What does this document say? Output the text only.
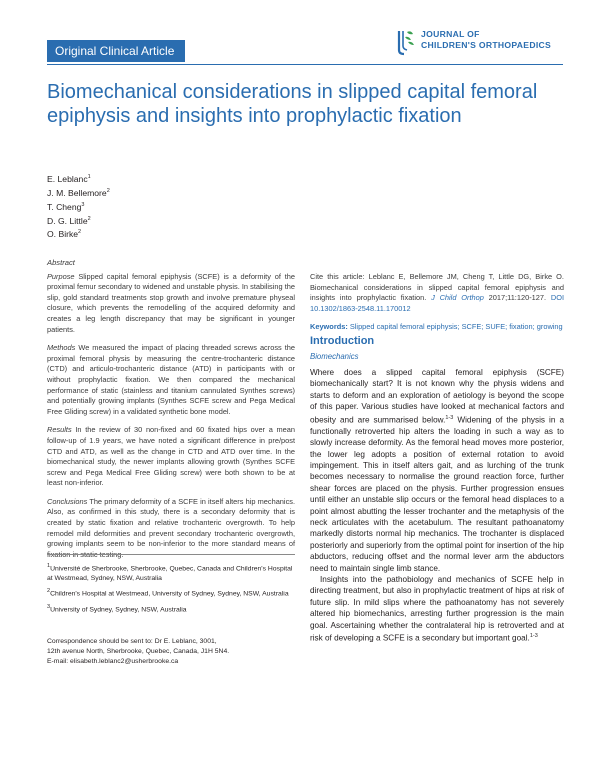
Original Clinical Article
JOURNAL OF
CHILDREN'S ORTHOPAEDICS
Biomechanical considerations in slipped capital femoral epiphysis and insights into prophylactic fixation
E. Leblanc$^1$
J. M. Bellemore$^2$
T. Cheng$^3$
D. G. Little$^2$
O. Birke$^2$
Abstract

Purpose Slipped capital femoral epiphysis (SCFE) is a deformity of the proximal femur secondary to widened and unstable physis. In stabilising the slip, gold standard treatments stop growth and involve premature physeal closure, which prevents the remodelling of the acquired deformity and creates a leg length discrepancy that may be significant in younger patients.

Methods We measured the impact of placing threaded screws across the proximal femoral physis by measuring the centre-trochanteric distance (CTD) and articulo-trochanteric distance (ATD) in participants with or without prophylactic fixation. We then compared the mechanical performance of static (stainless and titanium cannulated Synthes screws) and potentially growing implants (Synthes SCFE screw and Pega Medical Free Gliding screw) in a validated synthetic bone model.

Results In the review of 30 non-fixed and 60 fixated hips over a mean follow-up of 1.9 years, we have noted a significant difference in pre/post CTD and ATD, as well as the change in CTD and ATD over time. In the biomechanical study, the newer implants allowing growth (Synthes SCFE screw and Pega Medical Free Gliding screw) were both shown to be at least non-inferior.

Conclusions The primary deformity of a SCFE in itself alters hip mechanics. Also, as confirmed in this study, there is a secondary deformity that is created by static fixation and relative trochanteric overgrowth. To help remodel mild deformities and prevent secondary trochanteric overgrowth, growing implants seem to be non-inferior to the more standard means of

$^1$Université de Sherbrooke, Sherbrooke, Quebec, Canada and Children's Hospital at Westmead, Sydney, NSW, Australia

$^2$Children's Hospital at Westmead, University of Sydney, Sydney, NSW, Australia

$^3$University of Sydney, Sydney, NSW, Australia

Correspondence should be sent to: Dr E. Leblanc, 3001,

12th avenue North, Sherbrooke, Quebec, Canada, J1H 5N4.

E-mail: elisabeth.leblanc2@usherbrooke.ca

Cite this article: Leblanc E, Bellemore JM, Cheng T, Little DG, Birke O. Biomechanical considerations in slipped capital femoral epiphysis and insights into prophylactic fixation. J Child Orthop 2017;11:120-127. DOI 10.1302/1863-2548.11.170012

Keywords: Slipped capital femoral epiphysis; SCFE; SUFE; fixation; growing

Introduction
Biomechanics

Where does a slipped capital femoral epiphysis (SCFE) biomechanically start? It is not known why the physis widens and starts to deform and an exploration of aetiology is beyond the scope of this paper. Various studies have looked at mechanical factors and obesity and are summarised below.$^{1-3}$ Widening of the physis in a functionally retroverted hip alters the loading in such a way as to slowly increase deformity. As the femoral head moves more posterior, the lower leg adopts a position of external rotation to avoid impingement. This in itself alters gait, and as lurching of the trunk becomes necessary to normalise the ground reaction force, further shear forces are placed on the physis. Further progression ensues until either an unstable slip occurs or the femoral head displaces to a point almost abutting the lesser trochanter and the metaphysis of the neck articulates with the acetabulum. The resultant pathoanatomy markedly distorts normal hip mechanics. The trochanter is displaced posteriorly and superiorly from the optimal point for insertion of the hip abductors, reducing offset and the normal lever arm the abductors need to maintain single limb stance.

Insights into the pathobiology and mechanics of SCFE help in directing treatment, but also in prophylactic treatment of hips at risk of future slip. In mild slips where the pathoanatomy has not severely altered hip biomechanics, arresting further progression is the main goal. Ascertaining whether the contralateral hip is retroverted and at risk of developing a SCFE is a secondary but important goal.$^{1-3}$
